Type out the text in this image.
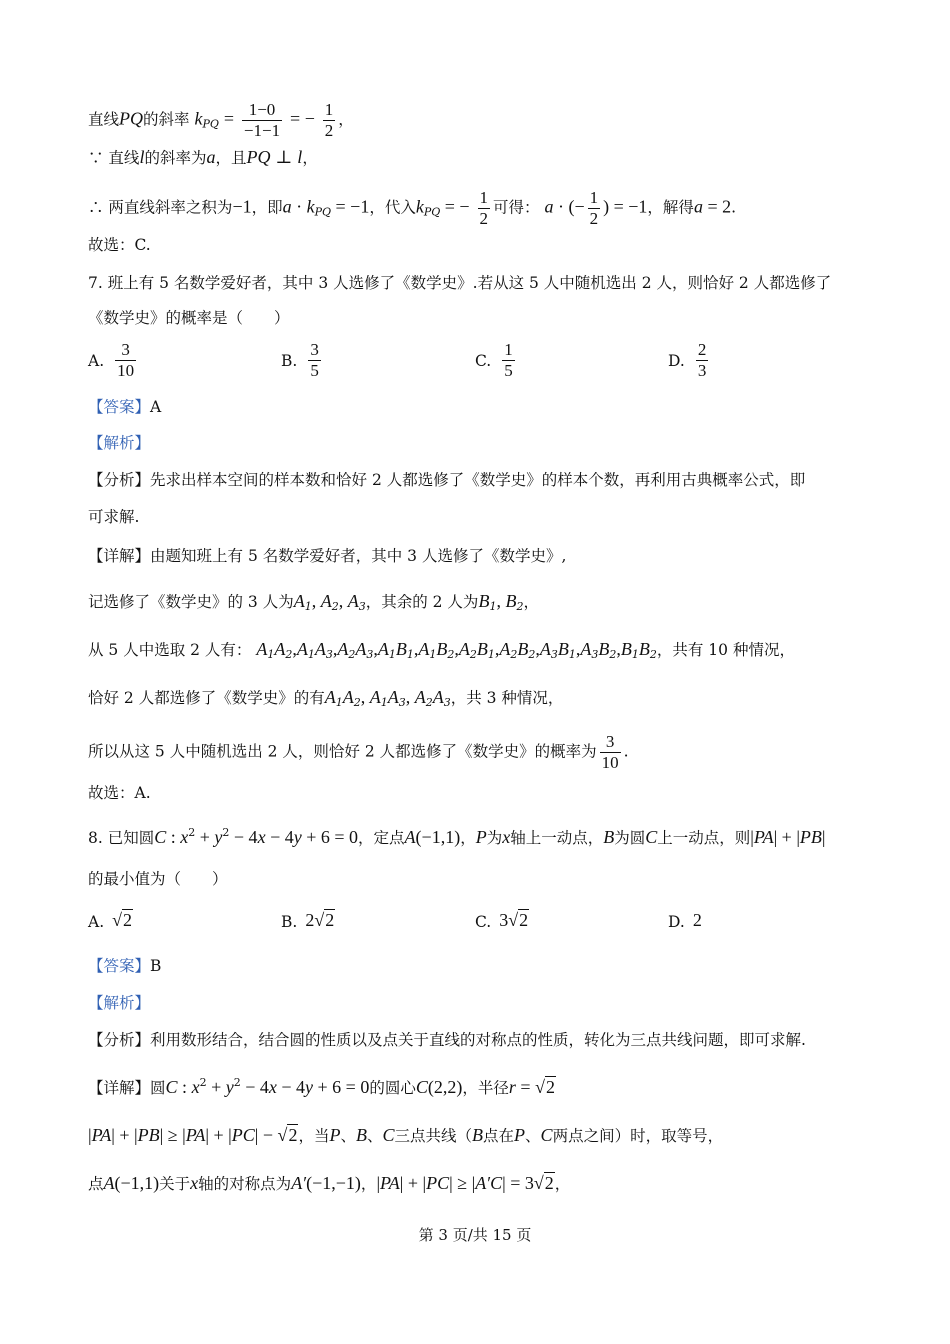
直线PQ的斜率 $k_{PQ} = \frac{1-0}{-1-1}$ = − $\frac{1}{2}$ ，
∵ 直线l的斜率为a，且PQ ⊥ l，
∴ 两直线斜率之积为−1，即$a \cdot k_{PQ} = -1$，代入$k_{PQ}$ = − $\frac{1}{2}$ 可得： a · (− $\frac{1}{2}$ ) = −1，解得a = 2.
故选：C.
7. 班上有 5 名数学爱好者，其中 3 人选修了《数学史》.若从这 5 人中随机选出 2 人，则恰好 2 人都选修了
《数学史》的概率是（　　）
A. $\frac{3}{10}$	B. $\frac{3}{5}$	C. $\frac{1}{5}$	D. $\frac{2}{3}$
【答案】A
【解析】
【分析】先求出样本空间的样本数和恰好 2 人都选修了《数学史》的样本个数，再利用古典概率公式，即
可求解.
【详解】由题知班上有 5 名数学爱好者，其中 3 人选修了《数学史》,
记选修了《数学史》的 3 人为$A_1$, $A_2$, $A_3$，其余的 2 人为$B_1$, $B_2$，
从 5 人中选取 2 人有： $A_1A_2,A_1A_3,A_2A_3,A_1B_1,A_1B_2,A_2B_1,A_2B_2,A_3B_1,A_3B_2,B_1B_2$，共有 10 种情况，
恰好 2 人都选修了《数学史》的有$A_1A_2$, $A_1A_3$, $A_2A_3$，共 3 种情况，
所以从这 5 人中随机选出 2 人，则恰好 2 人都选修了《数学史》的概率为 $\frac{3}{10}$ .
故选：A.
8. 已知圆C : $x^2 + y^2 - 4x - 4y + 6 = 0$，定点A(−1,1)，P为x轴上一动点，B为圆C上一动点，则|PA| + |PB|
的最小值为（　　）
A. √2	B. 2√2	C. 3√2	D. 2
【答案】B
【解析】
【分析】利用数形结合，结合圆的性质以及点关于直线的对称点的性质，转化为三点共线问题，即可求解.
【详解】圆C : $x^2 + y^2 - 4x - 4y + 6 = 0$的圆心C(2,2)，半径r = √2
|PA| + |PB| ≥ |PA| + |PC| − √2，当P、B、C三点共线（B点在P、C两点之间）时，取等号，
点A(−1,1)关于x轴的对称点为A′(−1,−1)，|PA| + |PC| ≥ |A′C| = 3√2，
第 3 页/共 15 页
